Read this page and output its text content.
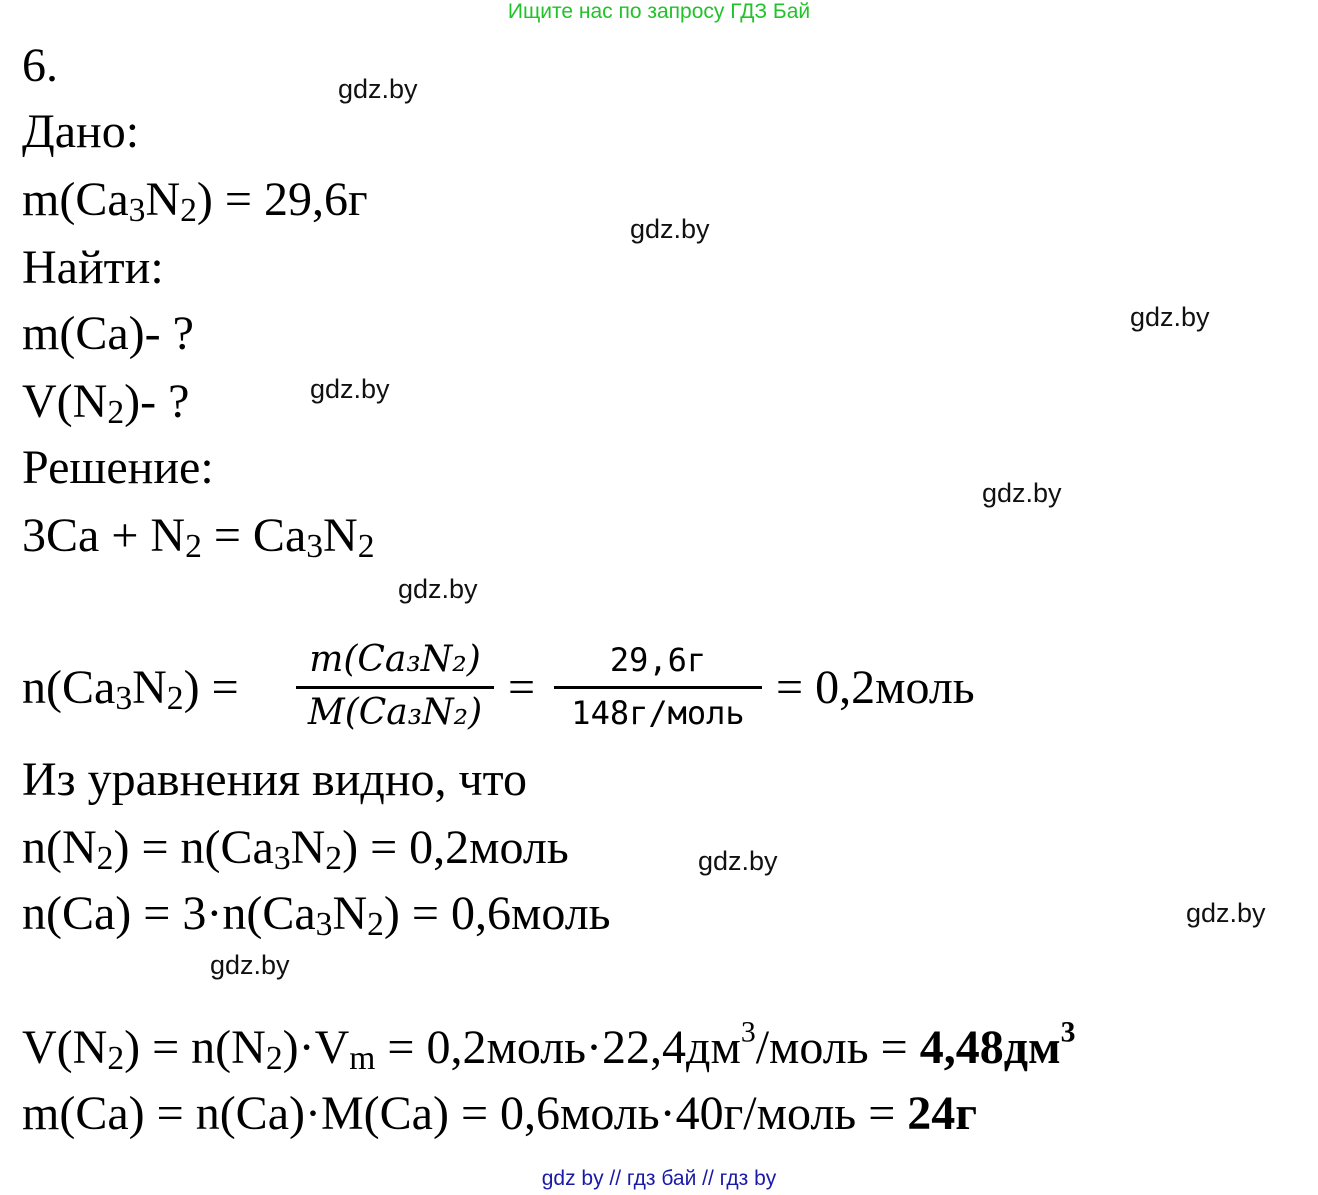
Ищите нас по запросу ГДЗ Бай
gdz.by
gdz.by
gdz.by
gdz.by
gdz.by
gdz.by
gdz.by
gdz.by
gdz.by
6.
Дано:
$m(Ca_3N_2) = 29,6г$
Найти:
m(Ca)- ?
$V(N_2)-$ ?
Решение:
$3Ca + N_2 = Ca_3N_2$
$n(Ca_3N_2)$ =
m(Ca₃N₂)
M(Ca₃N₂) =
29,6г
148г/моль = 0,2моль
Из уравнения видно, что
$n(N_2) = n(Ca_3N_2)$ = 0,2моль
$n(Ca) = 3\cdot n(Ca_3N_2)$ = 0,6моль
$V(N_2) = n(N_2)\cdot V_m$ = $0,2моль\cdot 22,4дм^3$/моль = $4,48дм^3$
m(Ca) = n(Ca)·M(Ca) = 0,6моль·40г/моль = 24г
gdz by // гдз бай // гдз by
